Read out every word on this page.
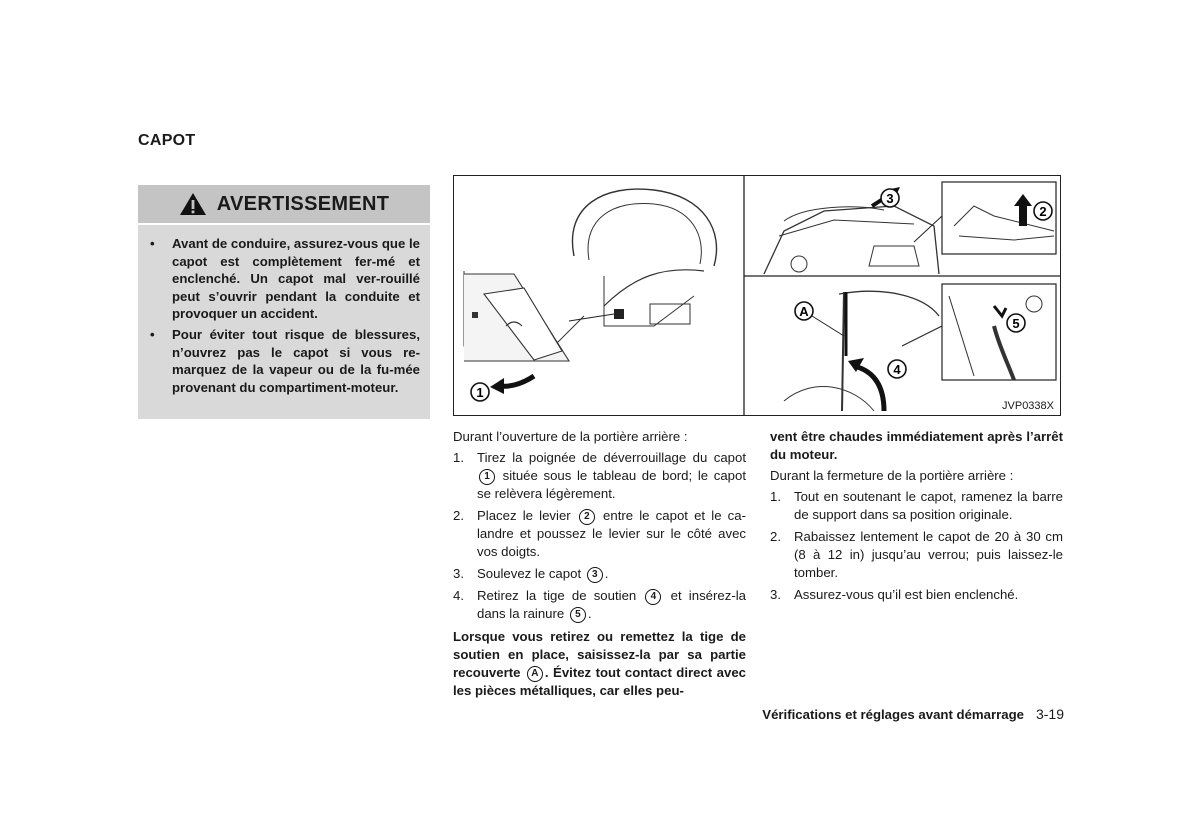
CAPOT
AVERTISSEMENT
• Avant de conduire, assurez-vous que le capot est complètement fer-mé et enclenché. Un capot mal ver-rouillé peut s’ouvrir pendant la conduite et provoquer un accident.
• Pour éviter tout risque de blessures, n’ouvrez pas le capot si vous re-marquez de la vapeur ou de la fu-mée provenant du compartiment-moteur.	1
3
2
4
A
5
JVP0338X

Durant l’ouverture de la portière arrière :

1. Tirez la poignée de déverrouillage du capot 1 située sous le tableau de bord; le capot se relèvera légèrement.
2. Placez le levier 2 entre le capot et le ca-landre et poussez le levier sur le côté avec vos doigts.
3. Soulevez le capot 3 .
4. Retirez la tige de soutien 4 et insérez-la dans la rainure 5 .

Lorsque vous retirez ou remettez la tige de soutien en place, saisissez-la par sa partie recouverte A . Évitez tout contact direct avec les pièces métalliques, car elles peu-

vent être chaudes immédiatement après l’arrêt du moteur.

Durant la fermeture de la portière arrière :

1. Tout en soutenant le capot, ramenez la barre de support dans sa position originale.
2. Rabaissez lentement le capot de 20 à 30 cm (8 à 12 in) jusqu’au verrou; puis laissez-le tomber.
3. Assurez-vous qu’il est bien enclenché.
Vérifications et réglages avant démarrage 3-19
